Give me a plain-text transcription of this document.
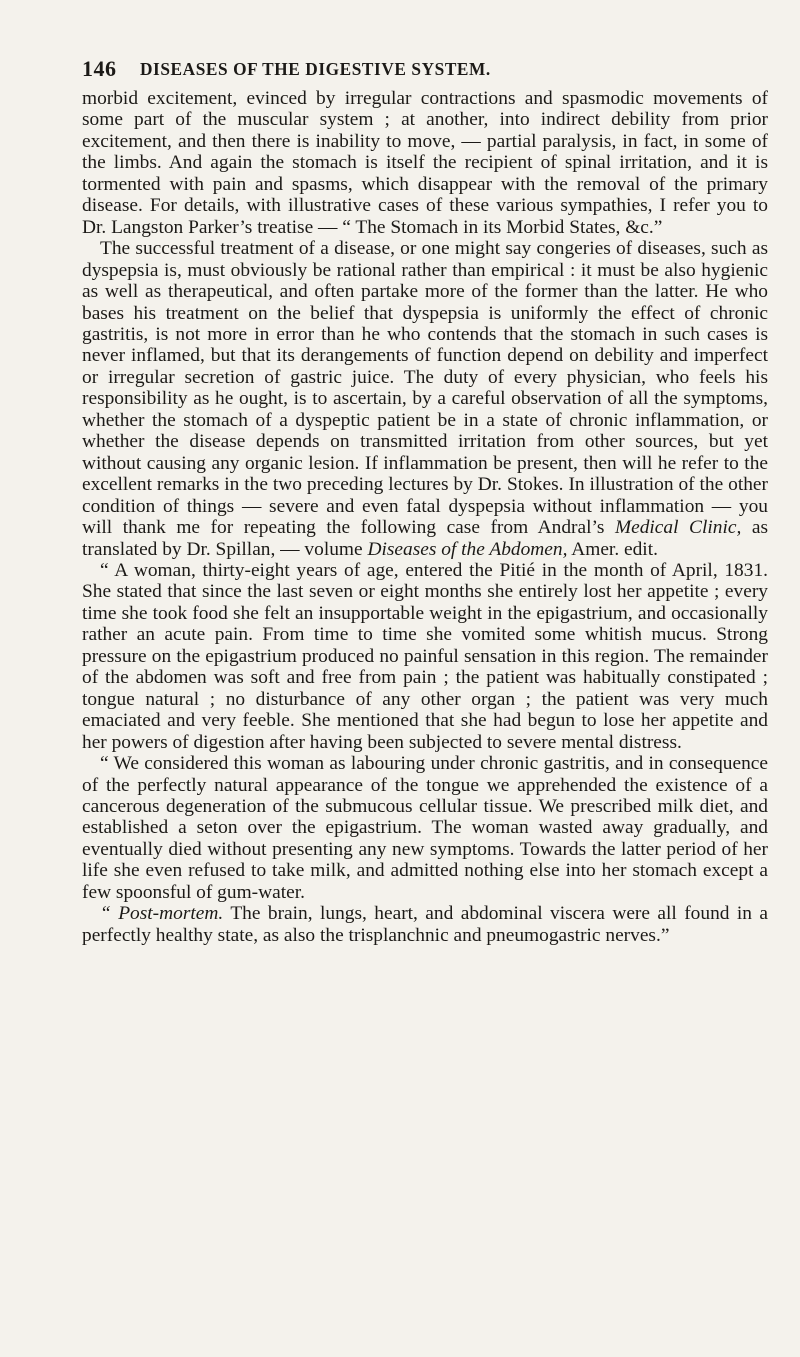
146 DISEASES OF THE DIGESTIVE SYSTEM.

morbid excitement, evinced by irregular contractions and spasmodic movements of some part of the muscular system ; at another, into indirect debility from prior excitement, and then there is inability to move, — partial paralysis, in fact, in some of the limbs. And again the stomach is itself the recipient of spinal irritation, and it is tormented with pain and spasms, which disappear with the removal of the primary disease. For details, with illustrative cases of these various sympathies, I refer you to Dr. Langston Parker’s treatise — “ The Stomach in its Morbid States, &c.”

The successful treatment of a disease, or one might say congeries of diseases, such as dyspepsia is, must obviously be rational rather than empirical : it must be also hygienic as well as therapeutical, and often partake more of the former than the latter. He who bases his treatment on the belief that dyspepsia is uniformly the effect of chronic gastritis, is not more in error than he who contends that the stomach in such cases is never inflamed, but that its derangements of function depend on debility and imperfect or irregular secretion of gastric juice. The duty of every physician, who feels his responsibility as he ought, is to ascertain, by a careful observation of all the symptoms, whether the stomach of a dyspeptic patient be in a state of chronic inflammation, or whether the disease depends on transmitted irritation from other sources, but yet without causing any organic lesion. If inflammation be present, then will he refer to the excellent remarks in the two preceding lectures by Dr. Stokes. In illustration of the other condition of things — severe and even fatal dyspepsia without inflammation — you will thank me for repeating the following case from Andral’s Medical Clinic, as translated by Dr. Spillan, — volume Diseases of the Abdomen, Amer. edit.

“ A woman, thirty-eight years of age, entered the Pitié in the month of April, 1831. She stated that since the last seven or eight months she entirely lost her appetite ; every time she took food she felt an insupportable weight in the epigastrium, and occasionally rather an acute pain. From time to time she vomited some whitish mucus. Strong pressure on the epigastrium produced no painful sensation in this region. The remainder of the abdomen was soft and free from pain ; the patient was habitually constipated ; tongue natural ; no disturbance of any other organ ; the patient was very much emaciated and very feeble. She mentioned that she had begun to lose her appetite and her powers of digestion after having been subjected to severe mental distress.

“ We considered this woman as labouring under chronic gastritis, and in consequence of the perfectly natural appearance of the tongue we apprehended the existence of a cancerous degeneration of the submucous cellular tissue. We prescribed milk diet, and established a seton over the epigastrium. The woman wasted away gradually, and eventually died without presenting any new symptoms. Towards the latter period of her life she even refused to take milk, and admitted nothing else into her stomach except a few spoonsful of gum-water.

“ Post-mortem. The brain, lungs, heart, and abdominal viscera were all found in a perfectly healthy state, as also the trisplanchnic and pneumogastric nerves.”
